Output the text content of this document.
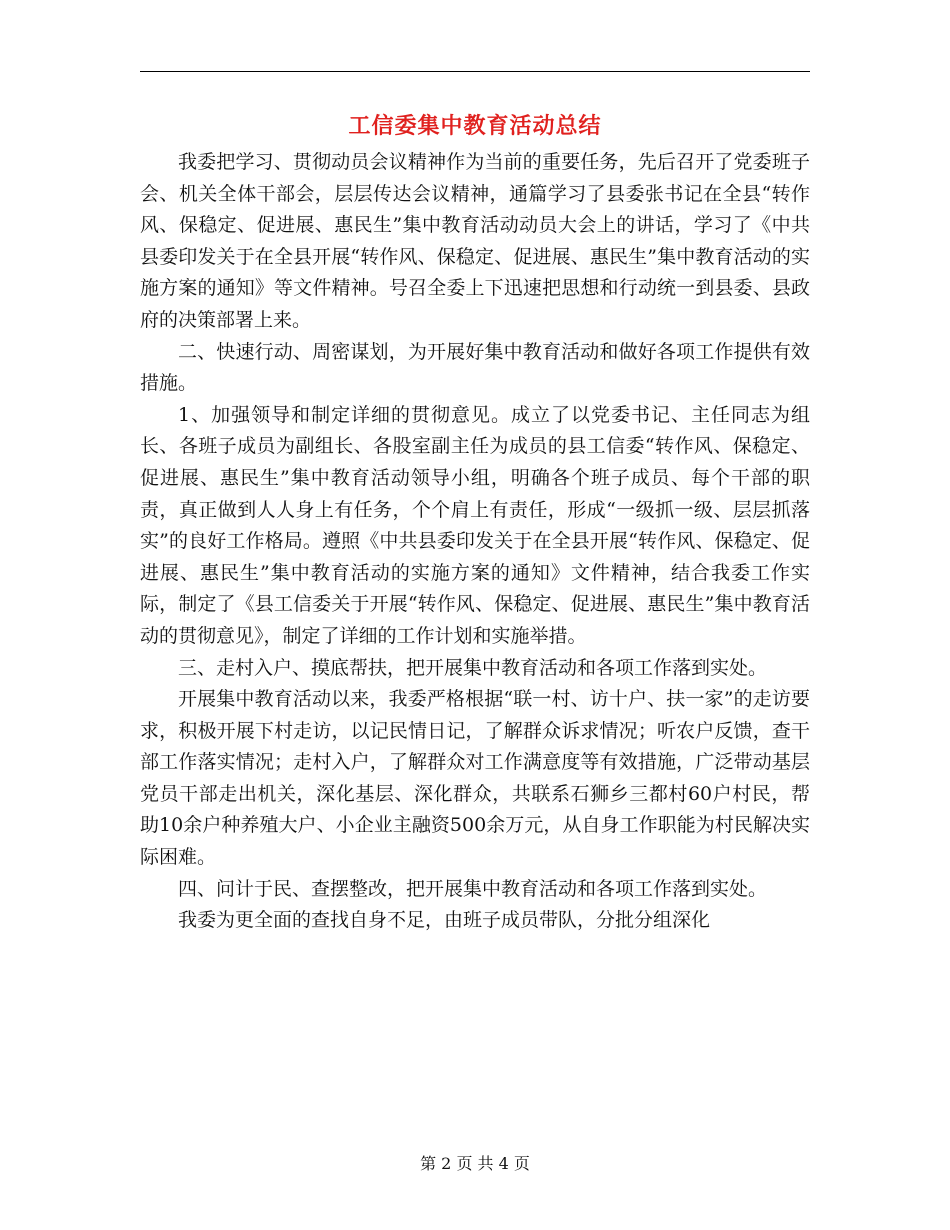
工信委集中教育活动总结

我委把学习、贯彻动员会议精神作为当前的重要任务，先后召开了党委班子会、机关全体干部会，层层传达会议精神，通篇学习了县委张书记在全县“转作风、保稳定、促进展、惠民生”集中教育活动动员大会上的讲话，学习了《中共县委印发关于在全县开展“转作风、保稳定、促进展、惠民生”集中教育活动的实施方案的通知》等文件精神。号召全委上下迅速把思想和行动统一到县委、县政府的决策部署上来。

二、快速行动、周密谋划，为开展好集中教育活动和做好各项工作提供有效措施。

1、加强领导和制定详细的贯彻意见。成立了以党委书记、主任同志为组长、各班子成员为副组长、各股室副主任为成员的县工信委“转作风、保稳定、促进展、惠民生”集中教育活动领导小组，明确各个班子成员、每个干部的职责，真正做到人人身上有任务，个个肩上有责任，形成“一级抓一级、层层抓落实”的良好工作格局。遵照《中共县委印发关于在全县开展“转作风、保稳定、促进展、惠民生”集中教育活动的实施方案的通知》文件精神，结合我委工作实际，制定了《县工信委关于开展“转作风、保稳定、促进展、惠民生”集中教育活动的贯彻意见》，制定了详细的工作计划和实施举措。

三、走村入户、摸底帮扶，把开展集中教育活动和各项工作落到实处。

开展集中教育活动以来，我委严格根据“联一村、访十户、扶一家”的走访要求，积极开展下村走访，以记民情日记，了解群众诉求情况；听农户反馈，查干部工作落实情况；走村入户，了解群众对工作满意度等有效措施，广泛带动基层党员干部走出机关，深化基层、深化群众，共联系石狮乡三都村60户村民，帮助10余户种养殖大户、小企业主融资500余万元，从自身工作职能为村民解决实际困难。

四、问计于民、查摆整改，把开展集中教育活动和各项工作落到实处。

我委为更全面的查找自身不足，由班子成员带队，分批分组深化

第 2 页 共 4 页
